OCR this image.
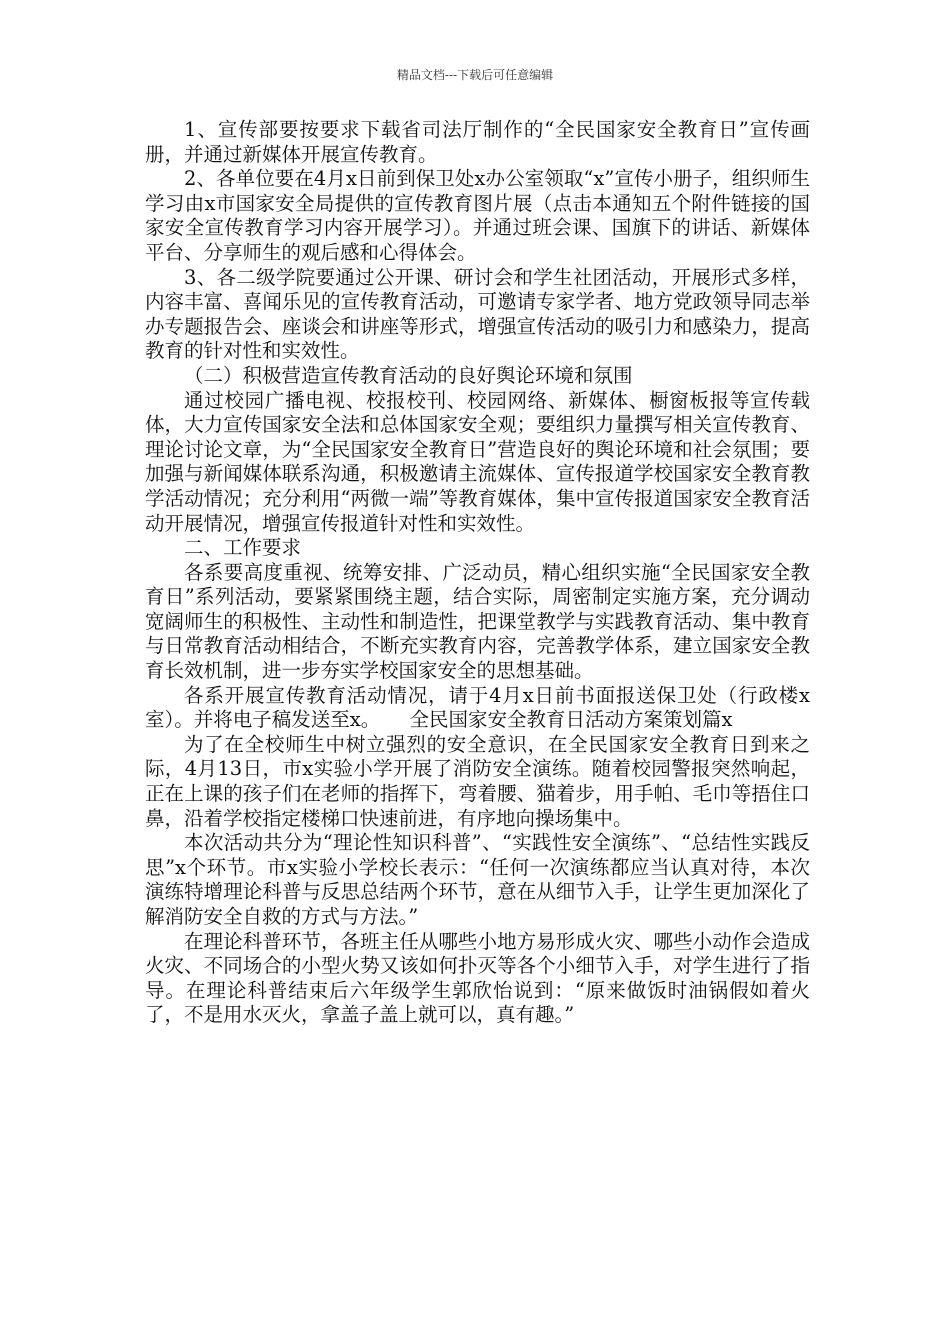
精品文档---下载后可任意编辑

1、宣传部要按要求下载省司法厅制作的“全民国家安全教育日”宣传画册，并通过新媒体开展宣传教育。

2、各单位要在4月x日前到保卫处x办公室领取“x”宣传小册子，组织师生学习由x市国家安全局提供的宣传教育图片展（点击本通知五个附件链接的国家安全宣传教育学习内容开展学习）。并通过班会课、国旗下的讲话、新媒体平台、分享师生的观后感和心得体会。

3、各二级学院要通过公开课、研讨会和学生社团活动，开展形式多样，内容丰富、喜闻乐见的宣传教育活动，可邀请专家学者、地方党政领导同志举办专题报告会、座谈会和讲座等形式，增强宣传活动的吸引力和感染力，提高教育的针对性和实效性。

（二）积极营造宣传教育活动的良好舆论环境和氛围

通过校园广播电视、校报校刊、校园网络、新媒体、橱窗板报等宣传载体，大力宣传国家安全法和总体国家安全观；要组织力量撰写相关宣传教育、理论讨论文章，为“全民国家安全教育日”营造良好的舆论环境和社会氛围；要加强与新闻媒体联系沟通，积极邀请主流媒体、宣传报道学校国家安全教育教学活动情况；充分利用“两微一端”等教育媒体，集中宣传报道国家安全教育活动开展情况，增强宣传报道针对性和实效性。

二、工作要求

各系要高度重视、统筹安排、广泛动员，精心组织实施“全民国家安全教育日”系列活动，要紧紧围绕主题，结合实际，周密制定实施方案，充分调动宽阔师生的积极性、主动性和制造性，把课堂教学与实践教育活动、集中教育与日常教育活动相结合，不断充实教育内容，完善教学体系，建立国家安全教育长效机制，进一步夯实学校国家安全的思想基础。

各系开展宣传教育活动情况，请于4月x日前书面报送保卫处（行政楼x室）。并将电子稿发送至x。　　全民国家安全教育日活动方案策划篇x

为了在全校师生中树立强烈的安全意识，在全民国家安全教育日到来之际，4月13日，市x实验小学开展了消防安全演练。随着校园警报突然响起，正在上课的孩子们在老师的指挥下，弯着腰、猫着步，用手帕、毛巾等捂住口鼻，沿着学校指定楼梯口快速前进，有序地向操场集中。

本次活动共分为“理论性知识科普”、“实践性安全演练”、“总结性实践反思”x个环节。市x实验小学校长表示：“任何一次演练都应当认真对待，本次演练特增理论科普与反思总结两个环节，意在从细节入手，让学生更加深化了解消防安全自救的方式与方法。”

在理论科普环节，各班主任从哪些小地方易形成火灾、哪些小动作会造成火灾、不同场合的小型火势又该如何扑灭等各个小细节入手，对学生进行了指导。在理论科普结束后六年级学生郭欣怡说到：“原来做饭时油锅假如着火了，不是用水灭火，拿盖子盖上就可以，真有趣。”
